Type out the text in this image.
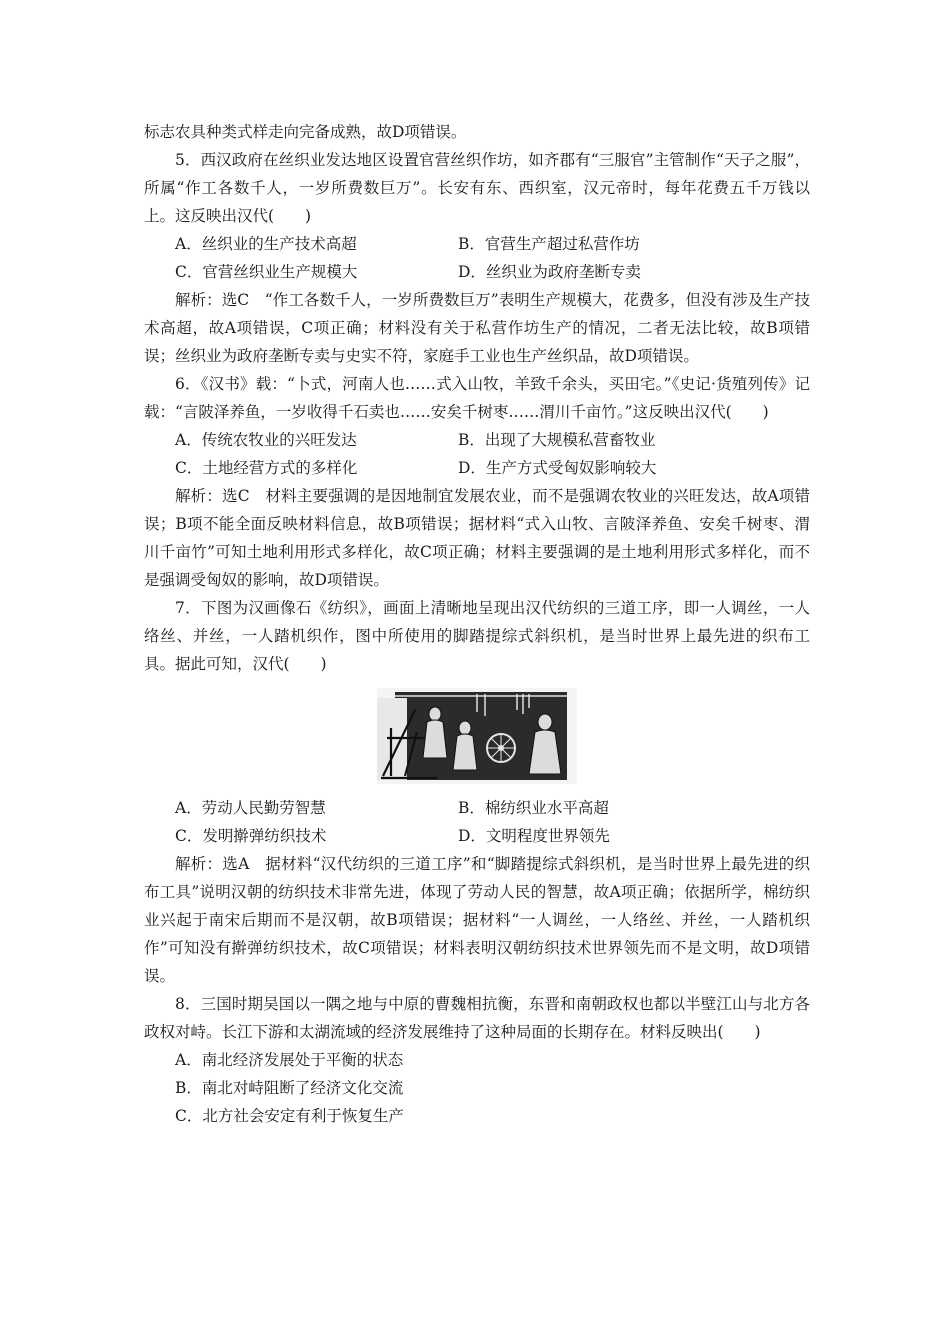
标志农具种类式样走向完备成熟，故D项错误。

5．西汉政府在丝织业发达地区设置官营丝织作坊，如齐郡有“三服官”主管制作“天子之服”，所属“作工各数千人，一岁所费数巨万”。长安有东、西织室，汉元帝时，每年花费五千万钱以上。这反映出汉代(　　)

A．丝织业的生产技术高超	B．官营生产超过私营作坊
C．官营丝织业生产规模大	D．丝织业为政府垄断专卖

解析：选C　“作工各数千人，一岁所费数巨万”表明生产规模大，花费多，但没有涉及生产技术高超，故A项错误，C项正确；材料没有关于私营作坊生产的情况，二者无法比较，故B项错误；丝织业为政府垄断专卖与史实不符，家庭手工业也生产丝织品，故D项错误。

6．《汉书》载：“卜式，河南人也……式入山牧，羊致千余头，买田宅。”《史记·货殖列传》记载：“言陂泽养鱼，一岁收得千石卖也……安矣千树枣……渭川千亩竹。”这反映出汉代(　　)

A．传统农牧业的兴旺发达	B．出现了大规模私营畜牧业
C．土地经营方式的多样化	D．生产方式受匈奴影响较大

解析：选C　材料主要强调的是因地制宜发展农业，而不是强调农牧业的兴旺发达，故A项错误；B项不能全面反映材料信息，故B项错误；据材料“式入山牧、言陂泽养鱼、安矣千树枣、渭川千亩竹”可知土地利用形式多样化，故C项正确；材料主要强调的是土地利用形式多样化，而不是强调受匈奴的影响，故D项错误。

7．下图为汉画像石《纺织》，画面上清晰地呈现出汉代纺织的三道工序，即一人调丝，一人络丝、并丝，一人踏机织作，图中所使用的脚踏提综式斜织机，是当时世界上最先进的织布工具。据此可知，汉代(　　)

A．劳动人民勤劳智慧	B．棉纺织业水平高超
C．发明擀弹纺织技术	D．文明程度世界领先

解析：选A　据材料“汉代纺织的三道工序”和“脚踏提综式斜织机，是当时世界上最先进的织布工具”说明汉朝的纺织技术非常先进，体现了劳动人民的智慧，故A项正确；依据所学，棉纺织业兴起于南宋后期而不是汉朝，故B项错误；据材料“一人调丝，一人络丝、并丝，一人踏机织作”可知没有擀弹纺织技术，故C项错误；材料表明汉朝纺织技术世界领先而不是文明，故D项错误。

8．三国时期吴国以一隅之地与中原的曹魏相抗衡，东晋和南朝政权也都以半壁江山与北方各政权对峙。长江下游和太湖流域的经济发展维持了这种局面的长期存在。材料反映出(　　)

A．南北经济发展处于平衡的状态
B．南北对峙阻断了经济文化交流
C．北方社会安定有利于恢复生产
